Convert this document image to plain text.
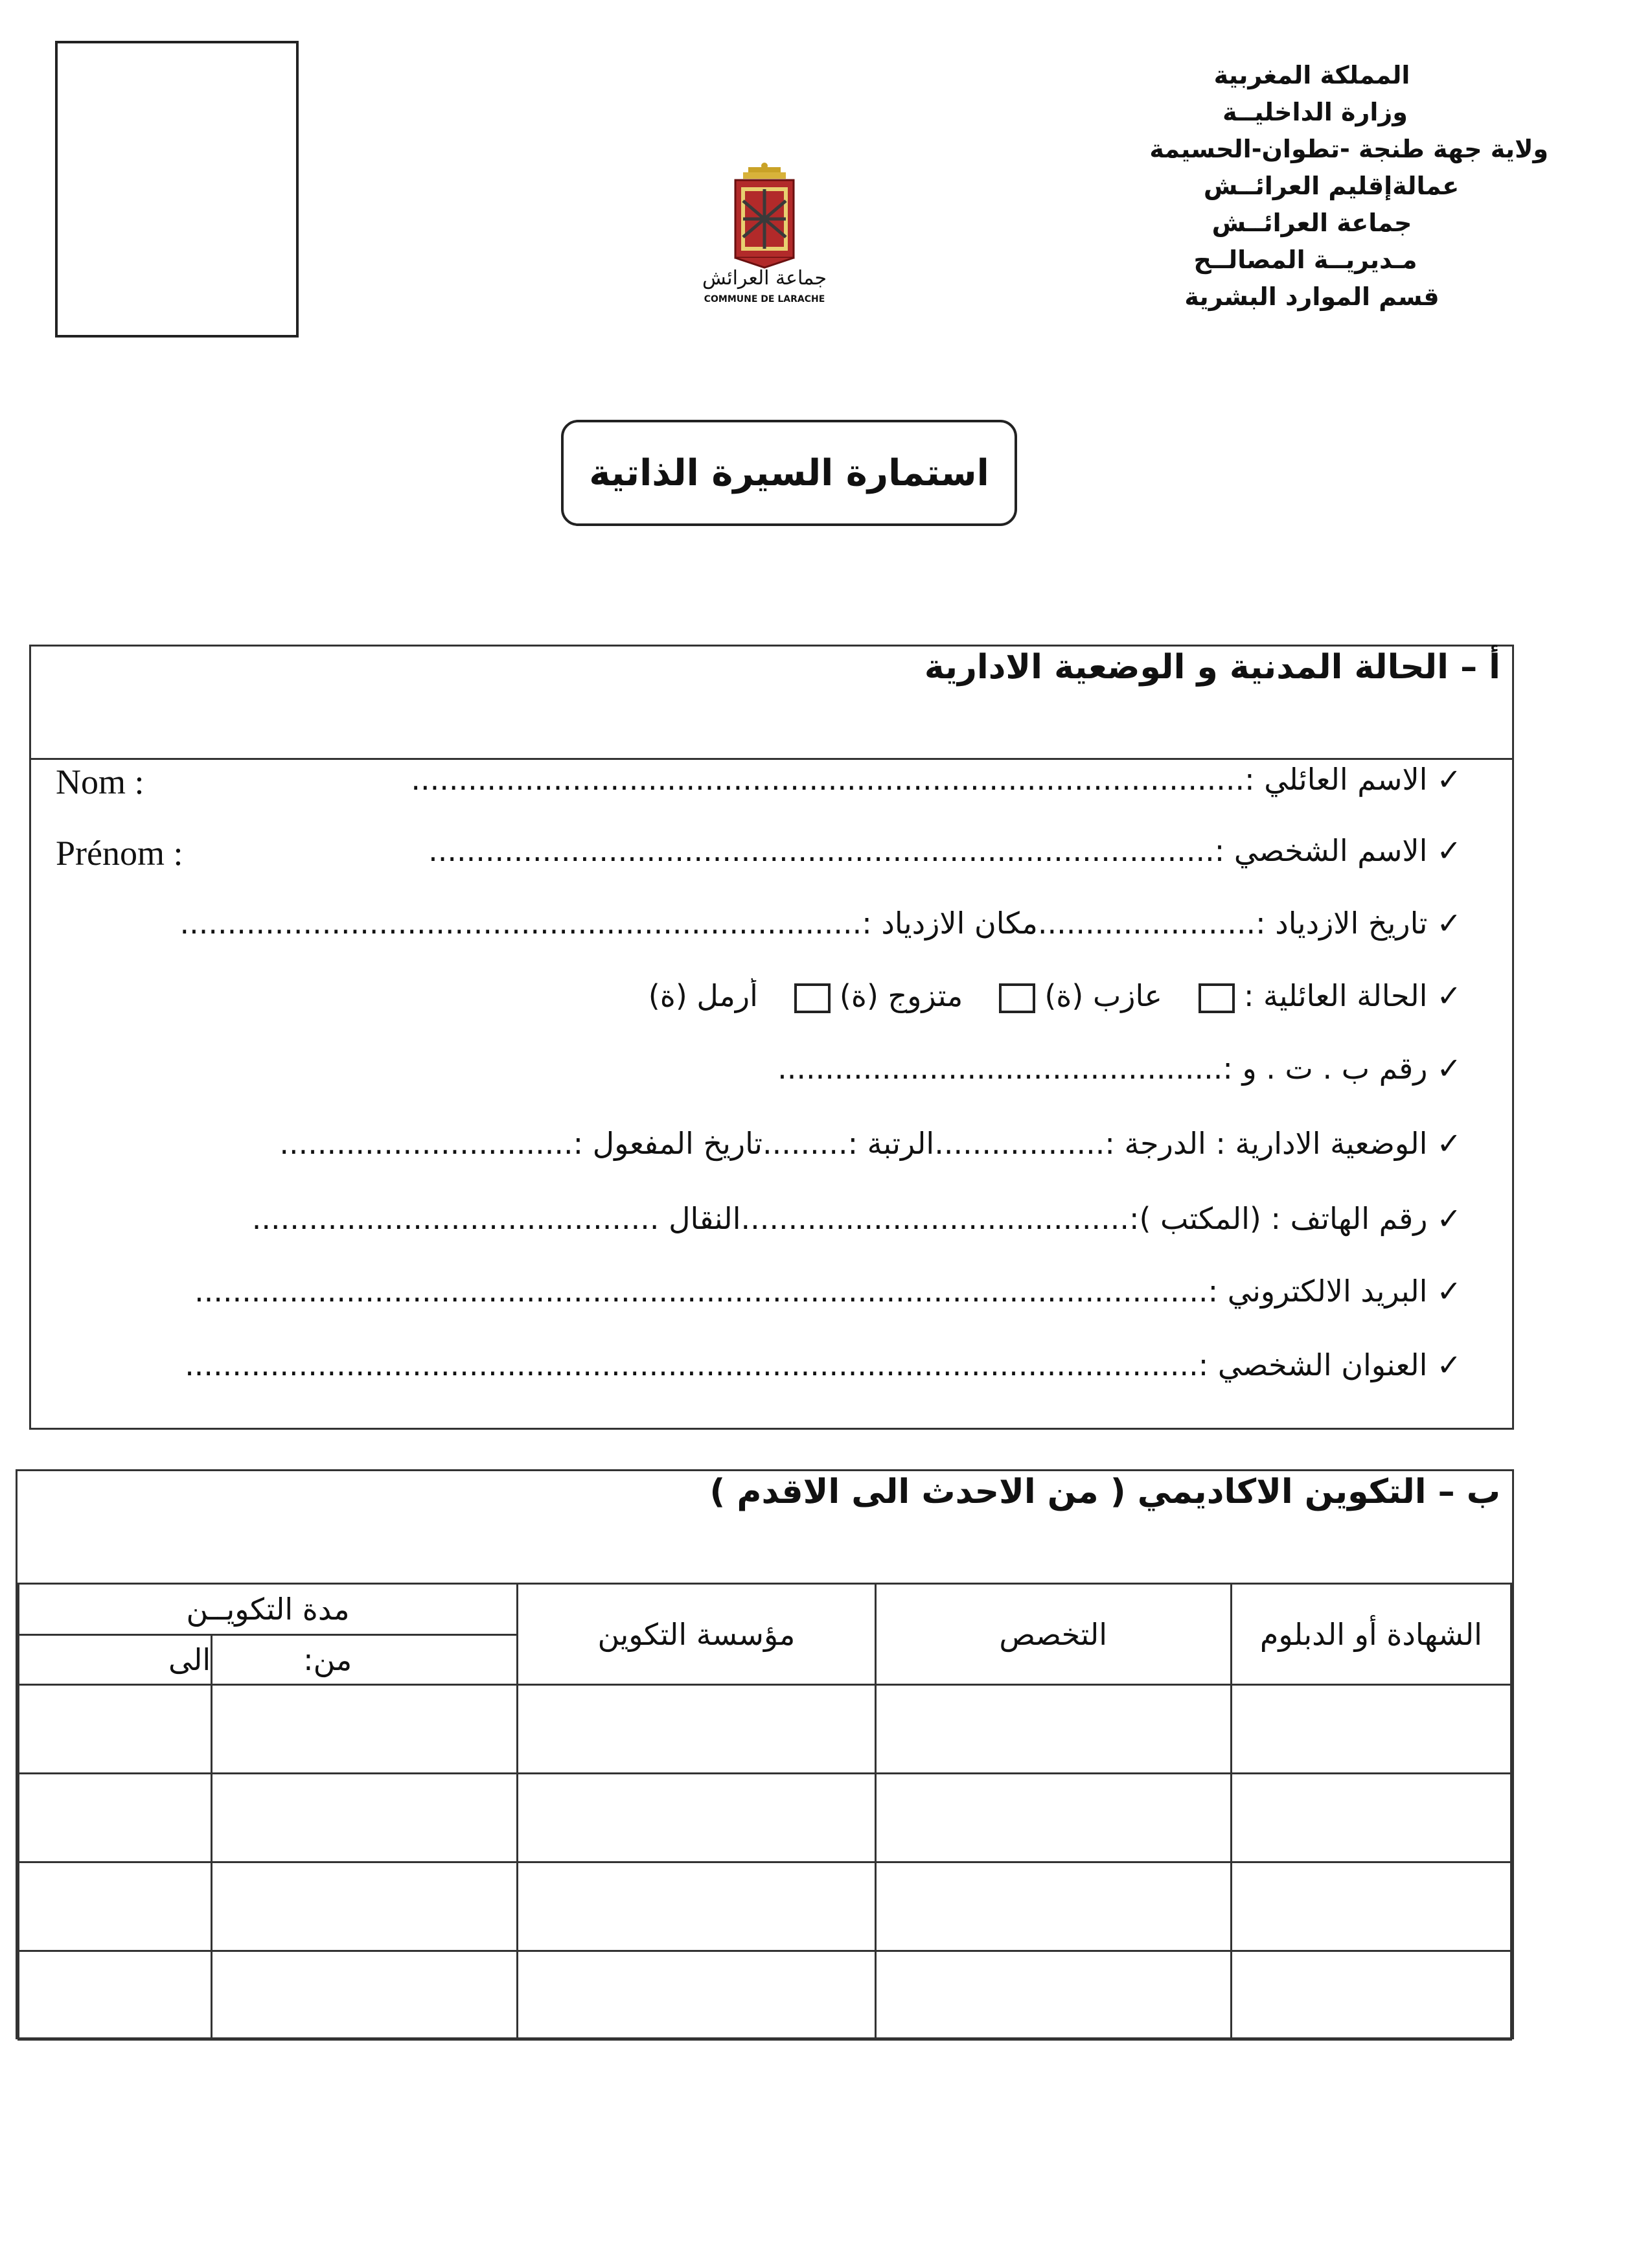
جماعة العرائش
COMMUNE DE LARACHE
المملكة المغربية
وزارة الداخليــة
ولاية جهة طنجة -تطوان-الحسيمة
عمالةإقليم العرائــش
جماعة العرائــش
مـديريــة المصالــح
قسم الموارد البشرية
استمارة السيرة الذاتية
أ – الحالة المدنية و الوضعية الادارية
✓الاسم العائلي :........................................................................................
Nom :
✓الاسم الشخصي :...................................................................................
Prénom :
✓تاريخ الازدياد :.......................مكان الازدياد :........................................................................
✓الحالة العائلية :عازب (ة)متزوج (ة)أرمل (ة)
✓رقم ب . ت . و :...............................................
✓الوضعية الادارية : الدرجة :..................الرتبة :.........تاريخ المفعول :...............................
✓رقم الهاتف : (المكتب ):.........................................النقال ...........................................
✓البريد الالكتروني :...........................................................................................................
✓العنوان الشخصي :...........................................................................................................
ب – التكوين الاكاديمي ( من الاحدث الى الاقدم )
الشهادة أو الدبلوم	التخصص	مؤسسة التكوين	مدة التكويــن	
			من:	الى
